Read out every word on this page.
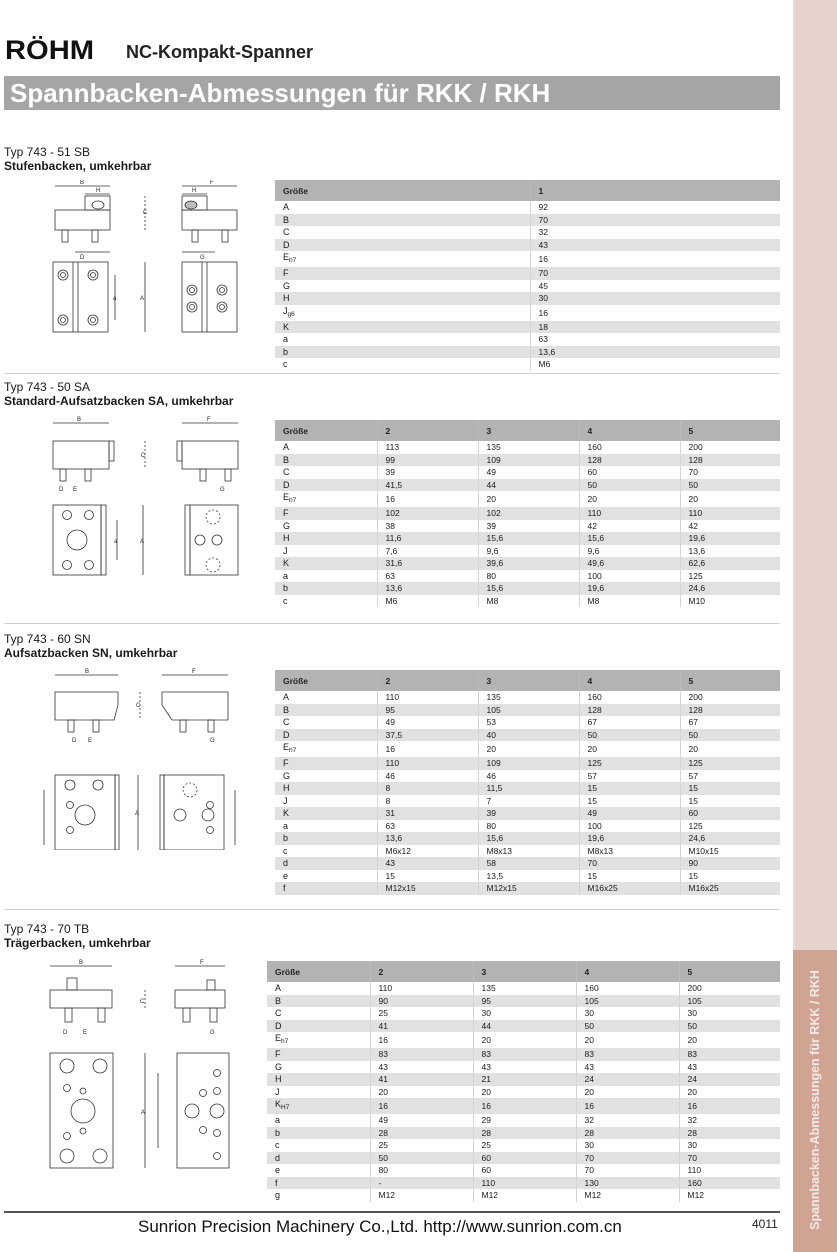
Spannbacken-Abmessungen für RKK / RKH
RÖHM NC-Kompakt-Spanner
Spannbacken-Abmessungen für RKK / RKH
Typ 743 - 51 SB
Stufenbacken, umkehrbar
B
H
F
H
C
A
a
D	G
Größe	1
A	92
B	70
C	32
D	43
$E_{h7}$	16
F	70
G	45
H	30
$J_{g6}$	16
K	18
a	63
b	13,6
c	M6
Typ 743 - 50 SA
Standard-Aufsatzbacken SA, umkehrbar
B	F
C
A
a
D E	G
Größe	2	3	4	5
A	113	135	160	200
B	99	109	128	128
C	39	49	60	70
D	41,5	44	50	50
$E_{h7}$	16	20	20	20
F	102	102	110	110
G	38	39	42	42
H	11,6	15,6	15,6	19,6
J	7,6	9,6	9,6	13,6
K	31,6	39,6	49,6	62,6
a	63	80	100	125
b	13,6	15,6	19,6	24,6
c	M6	M8	M8	M10
Typ 743 - 60 SN
Aufsatzbacken SN, umkehrbar
B	F
C
A
D E	G
Größe	2	3	4	5
A	110	135	160	200
B	95	105	128	128
C	49	53	67	67
D	37,5	40	50	50
$E_{h7}$	16	20	20	20
F	110	109	125	125
G	46	46	57	57
H	8	11,5	15	15
J	8	7	15	15
K	31	39	49	60
a	63	80	100	125
b	13,6	15,6	19,6	24,6
c	M6x12	M8x13	M8x13	M10x15
d	43	58	70	90
e	15	13,5	15	15
f	M12x15	M12x15	M16x25	M16x25
Typ 743 - 70 TB
Trägerbacken, umkehrbar
B	F
C
A
D	E	G
Größe	2	3	4	5
A	110	135	160	200
B	90	95	105	105
C	25	30	30	30
D	41	44	50	50
$E_{h7}$	16	20	20	20
F	83	83	83	83
G	43	43	43	43
H	41	21	24	24
J	20	20	20	20
$K_{H7}$	16	16	16	16
a	49	29	32	32
b	28	28	28	28
c	25	25	30	30
d	50	60	70	70
e	80	60	70	110
f	-	110	130	160
g	M12	M12	M12	M12
Sunrion Precision Machinery Co.,Ltd. http://www.sunrion.com.cn	4011
